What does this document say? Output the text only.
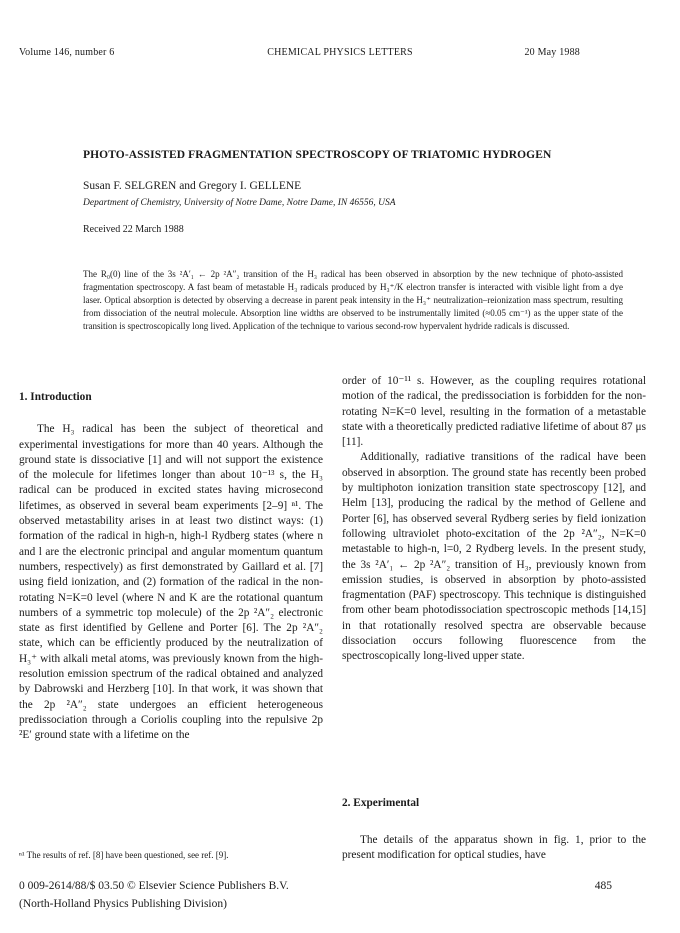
Volume 146, number 6	CHEMICAL PHYSICS LETTERS	20 May 1988
PHOTO-ASSISTED FRAGMENTATION SPECTROSCOPY OF TRIATOMIC HYDROGEN
Susan F. SELGREN and Gregory I. GELLENE
Department of Chemistry, University of Notre Dame, Notre Dame, IN 46556, USA
Received 22 March 1988
The R₀(0) line of the 3s ²A′₁ ← 2p ²A″₂ transition of the H₃ radical has been observed in absorption by the new technique of photo-assisted fragmentation spectroscopy. A fast beam of metastable H₃ radicals produced by H₃⁺/K electron transfer is interacted with visible light from a dye laser. Optical absorption is detected by observing a decrease in parent peak intensity in the H₃⁺ neutralization–reionization mass spectrum, resulting from dissociation of the neutral molecule. Absorption line widths are observed to be instrumentally limited (≈0.05 cm⁻¹) as the upper state of the transition is spectroscopically long lived. Application of the technique to various second-row hypervalent hydride radicals is discussed.

1. Introduction

The H₃ radical has been the subject of theoretical and experimental investigations for more than 40 years. Although the ground state is dissociative [1] and will not support the existence of the molecule for lifetimes longer than about 10⁻¹³ s, the H₃ radical can be produced in excited states having microsecond lifetimes, as observed in several beam experiments [2–9] ⁿ¹. The observed metastability arises in at least two distinct ways: (1) formation of the radical in high-n, high-l Rydberg states (where n and l are the electronic principal and angular momentum quantum numbers, respectively) as first demonstrated by Gaillard et al. [7] using field ionization, and (2) formation of the radical in the non-rotating N=K=0 level (where N and K are the rotational quantum numbers of a symmetric top molecule) of the 2p ²A″₂ electronic state as first identified by Gellene and Porter [6]. The 2p ²A″₂ state, which can be efficiently produced by the neutralization of H₃⁺ with alkali metal atoms, was previously known from the high-resolution emission spectrum of the radical obtained and analyzed by Dabrowski and Herzberg [10]. In that work, it was shown that the 2p ²A″₂ state undergoes an efficient heterogeneous predissociation through a Coriolis coupling into the repulsive 2p ²E′ ground state with a lifetime on the

order of 10⁻¹¹ s. However, as the coupling requires rotational motion of the radical, the predissociation is forbidden for the non-rotating N=K=0 level, resulting in the formation of a metastable state with a theoretically predicted radiative lifetime of about 87 μs [11].

Additionally, radiative transitions of the radical have been observed in absorption. The ground state has recently been probed by multiphoton ionization transition state spectroscopy [12], and Helm [13], producing the radical by the method of Gellene and Porter [6], has observed several Rydberg series by field ionization following ultraviolet photo-excitation of the 2p ²A″₂, N=K=0 metastable to high-n, l=0, 2 Rydberg levels. In the present study, the 3s ²A′₁ ← 2p ²A″₂ transition of H₃, previously known from emission studies, is observed in absorption by photo-assisted fragmentation (PAF) spectroscopy. This technique is distinguished from other beam photodissociation spectroscopic methods [14,15] in that rotationally resolved spectra are observable because dissociation occurs following fluorescence from the spectroscopically long-lived upper state.

2. Experimental

The details of the apparatus shown in fig. 1, prior to the present modification for optical studies, have

ⁿ¹ The results of ref. [8] have been questioned, see ref. [9].
0 009-2614/88/$ 03.50 © Elsevier Science Publishers B.V.
(North-Holland Physics Publishing Division)
485
